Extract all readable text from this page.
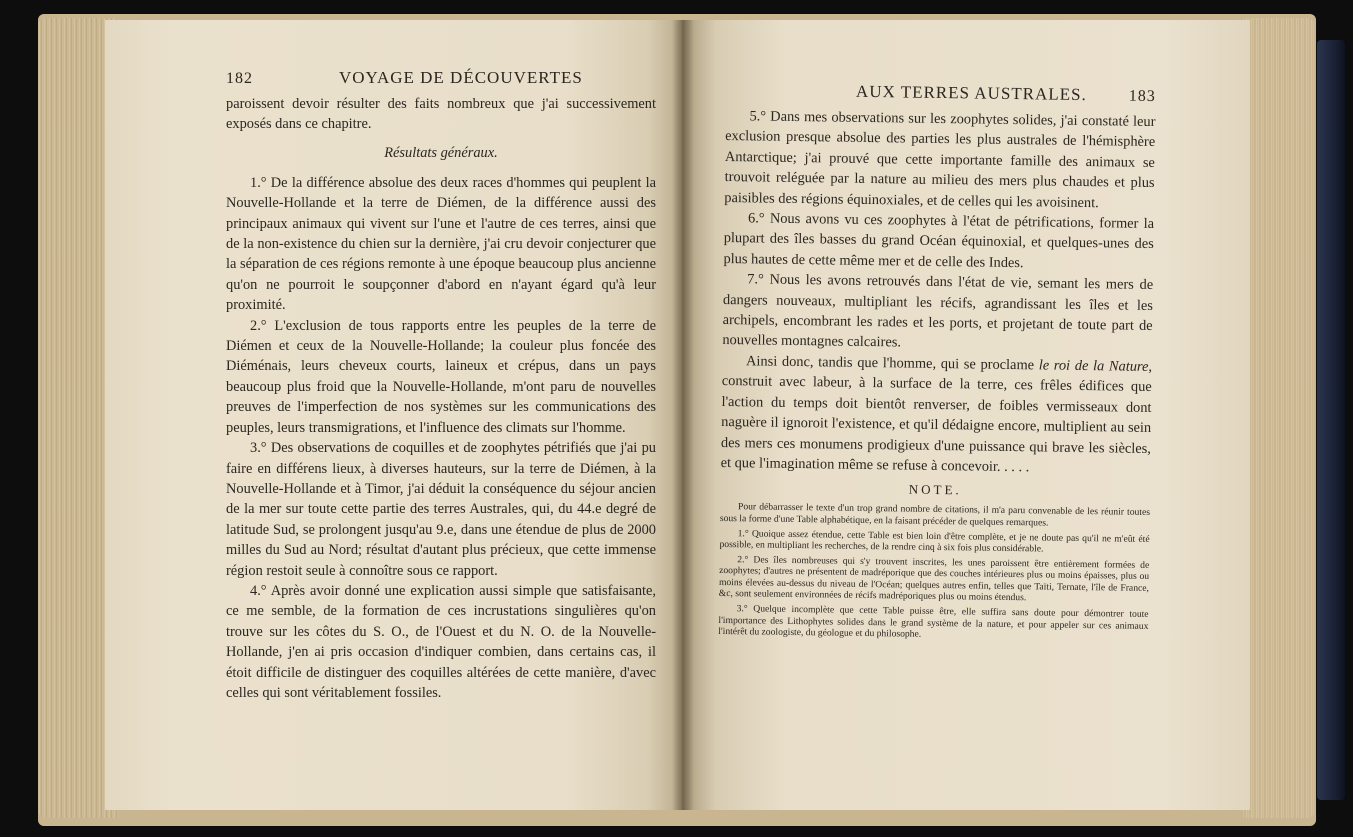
182	VOYAGE DE DÉCOUVERTES

paroissent devoir résulter des faits nombreux que j'ai successivement exposés dans ce chapitre.

Résultats généraux.

1.° De la différence absolue des deux races d'hommes qui peuplent la Nouvelle-Hollande et la terre de Diémen, de la différence aussi des principaux animaux qui vivent sur l'une et l'autre de ces terres, ainsi que de la non-existence du chien sur la dernière, j'ai cru devoir conjecturer que la séparation de ces régions remonte à une époque beaucoup plus ancienne qu'on ne pourroit le soupçonner d'abord en n'ayant égard qu'à leur proximité.

2.° L'exclusion de tous rapports entre les peuples de la terre de Diémen et ceux de la Nouvelle-Hollande; la couleur plus foncée des Diéménais, leurs cheveux courts, laineux et crépus, dans un pays beaucoup plus froid que la Nouvelle-Hollande, m'ont paru de nouvelles preuves de l'imperfection de nos systèmes sur les communications des peuples, leurs transmigrations, et l'influence des climats sur l'homme.

3.° Des observations de coquilles et de zoophytes pétrifiés que j'ai pu faire en différens lieux, à diverses hauteurs, sur la terre de Diémen, à la Nouvelle-Hollande et à Timor, j'ai déduit la conséquence du séjour ancien de la mer sur toute cette partie des terres Australes, qui, du 44.e degré de latitude Sud, se prolongent jusqu'au 9.e, dans une étendue de plus de 2000 milles du Sud au Nord; résultat d'autant plus précieux, que cette immense région restoit seule à connoître sous ce rapport.

4.° Après avoir donné une explication aussi simple que satisfaisante, ce me semble, de la formation de ces incrustations singulières qu'on trouve sur les côtes du S. O., de l'Ouest et du N. O. de la Nouvelle-Hollande, j'en ai pris occasion d'indiquer combien, dans certains cas, il étoit difficile de distinguer des coquilles altérées de cette manière, d'avec celles qui sont véritablement fossiles.

AUX TERRES AUSTRALES.	183

5.° Dans mes observations sur les zoophytes solides, j'ai constaté leur exclusion presque absolue des parties les plus australes de l'hémisphère Antarctique; j'ai prouvé que cette importante famille des animaux se trouvoit reléguée par la nature au milieu des mers plus chaudes et plus paisibles des régions équinoxiales, et de celles qui les avoisinent.

6.° Nous avons vu ces zoophytes à l'état de pétrifications, former la plupart des îles basses du grand Océan équinoxial, et quelques-unes des plus hautes de cette même mer et de celle des Indes.

7.° Nous les avons retrouvés dans l'état de vie, semant les mers de dangers nouveaux, multipliant les récifs, agrandissant les îles et les archipels, encombrant les rades et les ports, et projetant de toute part de nouvelles montagnes calcaires.

Ainsi donc, tandis que l'homme, qui se proclame le roi de la Nature, construit avec labeur, à la surface de la terre, ces frêles édifices que l'action du temps doit bientôt renverser, de foibles vermisseaux dont naguère il ignoroit l'existence, et qu'il dédaigne encore, multiplient au sein des mers ces monumens prodigieux d'une puissance qui brave les siècles, et que l'imagination même se refuse à concevoir. . . . .

NOTE.

Pour débarrasser le texte d'un trop grand nombre de citations, il m'a paru convenable de les réunir toutes sous la forme d'une Table alphabétique, en la faisant précéder de quelques remarques.

1.° Quoique assez étendue, cette Table est bien loin d'être complète, et je ne doute pas qu'il ne m'eût été possible, en multipliant les recherches, de la rendre cinq à six fois plus considérable.

2.° Des îles nombreuses qui s'y trouvent inscrites, les unes paroissent être entièrement formées de zoophytes; d'autres ne présentent de madréporique que des couches intérieures plus ou moins épaisses, plus ou moins élevées au-dessus du niveau de l'Océan; quelques autres enfin, telles que Taïti, Ternate, l'île de France, &c, sont seulement environnées de récifs madréporiques plus ou moins étendus.

3.° Quelque incomplète que cette Table puisse être, elle suffira sans doute pour démontrer toute l'importance des Lithophytes solides dans le grand système de la nature, et pour appeler sur ces animaux l'intérêt du zoologiste, du géologue et du philosophe.
